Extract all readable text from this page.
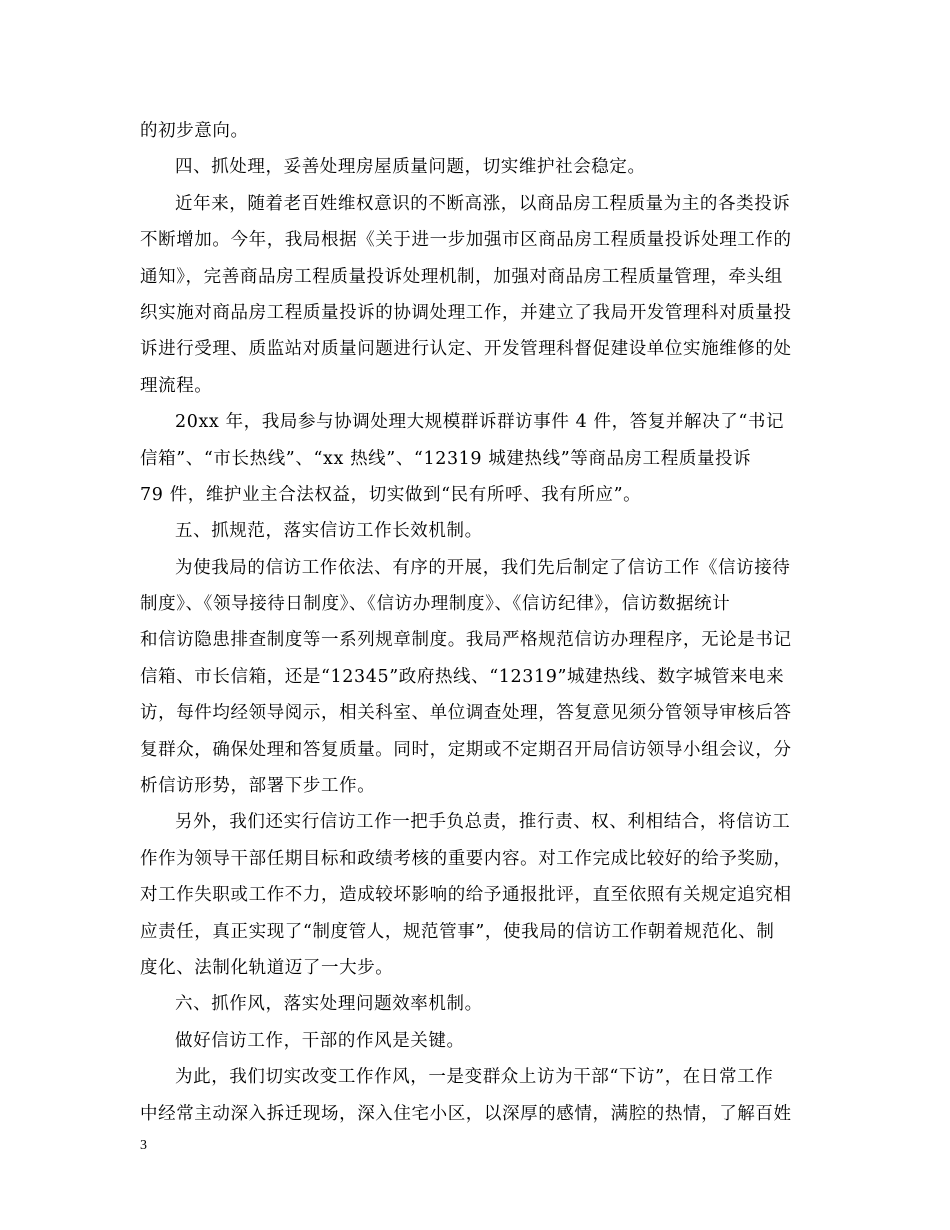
的初步意向。
四、抓处理，妥善处理房屋质量问题，切实维护社会稳定。
近年来，随着老百姓维权意识的不断高涨，以商品房工程质量为主的各类投诉
不断增加。今年，我局根据《关于进一步加强市区商品房工程质量投诉处理工作的
通知》，完善商品房工程质量投诉处理机制，加强对商品房工程质量管理，牵头组
织实施对商品房工程质量投诉的协调处理工作，并建立了我局开发管理科对质量投
诉进行受理、质监站对质量问题进行认定、开发管理科督促建设单位实施维修的处
理流程。
20xx 年，我局参与协调处理大规模群诉群访事件 4 件，答复并解决了“书记
信箱”、“市长热线”、“xx 热线”、“12319 城建热线”等商品房工程质量投诉
79 件，维护业主合法权益，切实做到“民有所呼、我有所应”。
五、抓规范，落实信访工作长效机制。
为使我局的信访工作依法、有序的开展，我们先后制定了信访工作《信访接待
制度》、《领导接待日制度》、《信访办理制度》、《信访纪律》，信访数据统计
和信访隐患排查制度等一系列规章制度。我局严格规范信访办理程序，无论是书记
信箱、市长信箱，还是“12345”政府热线、“12319”城建热线、数字城管来电来
访，每件均经领导阅示，相关科室、单位调查处理，答复意见须分管领导审核后答
复群众，确保处理和答复质量。同时，定期或不定期召开局信访领导小组会议，分
析信访形势，部署下步工作。
另外，我们还实行信访工作一把手负总责，推行责、权、利相结合，将信访工
作作为领导干部任期目标和政绩考核的重要内容。对工作完成比较好的给予奖励，
对工作失职或工作不力，造成较坏影响的给予通报批评，直至依照有关规定追究相
应责任，真正实现了“制度管人，规范管事”，使我局的信访工作朝着规范化、制
度化、法制化轨道迈了一大步。
六、抓作风，落实处理问题效率机制。
做好信访工作，干部的作风是关键。
为此，我们切实改变工作作风，一是变群众上访为干部“下访”，在日常工作
中经常主动深入拆迁现场，深入住宅小区，以深厚的感情，满腔的热情，了解百姓
3
